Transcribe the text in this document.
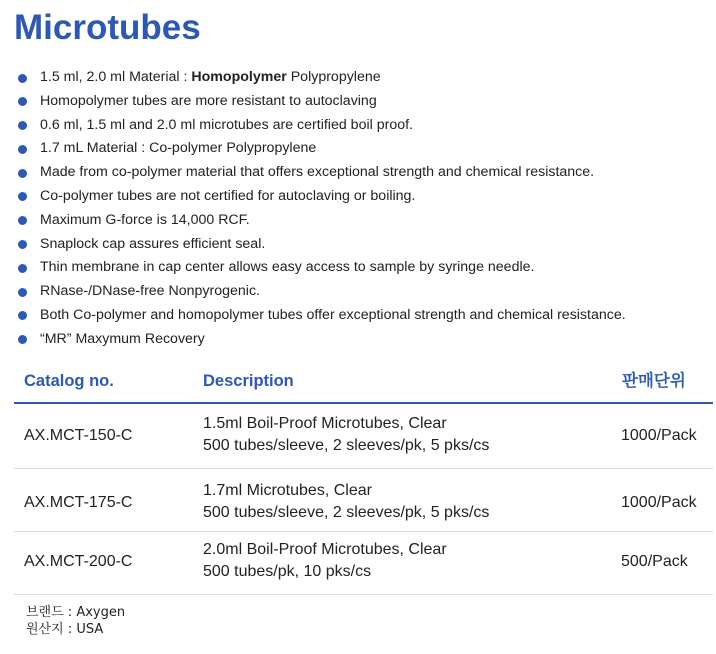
Microtubes
1.5 ml, 2.0 ml Material : Homopolymer Polypropylene
Homopolymer tubes are more resistant to autoclaving
0.6 ml, 1.5 ml and 2.0 ml microtubes are certified boil proof.
1.7 mL Material : Co-polymer Polypropylene
Made from co-polymer material that offers exceptional strength and chemical resistance.
Co-polymer tubes are not certified for autoclaving or boiling.
Maximum G-force is 14,000 RCF.
Snaplock cap assures efficient seal.
Thin membrane in cap center allows easy access to sample by syringe needle.
RNase-/DNase-free Nonpyrogenic.
Both Co-polymer and homopolymer tubes offer exceptional strength and chemical resistance.
“MR” Maxymum Recovery
Catalog no.	Description	판매단위
AX.MCT-150-C
1.5ml Boil-Proof Microtubes, Clear
500 tubes/sleeve, 2 sleeves/pk, 5 pks/cs
1000/Pack
AX.MCT-175-C
1.7ml Microtubes, Clear
500 tubes/sleeve, 2 sleeves/pk, 5 pks/cs
1000/Pack
AX.MCT-200-C
2.0ml Boil-Proof Microtubes, Clear
500 tubes/pk, 10 pks/cs
500/Pack
브랜드 : Axygen
원산지 : USA
